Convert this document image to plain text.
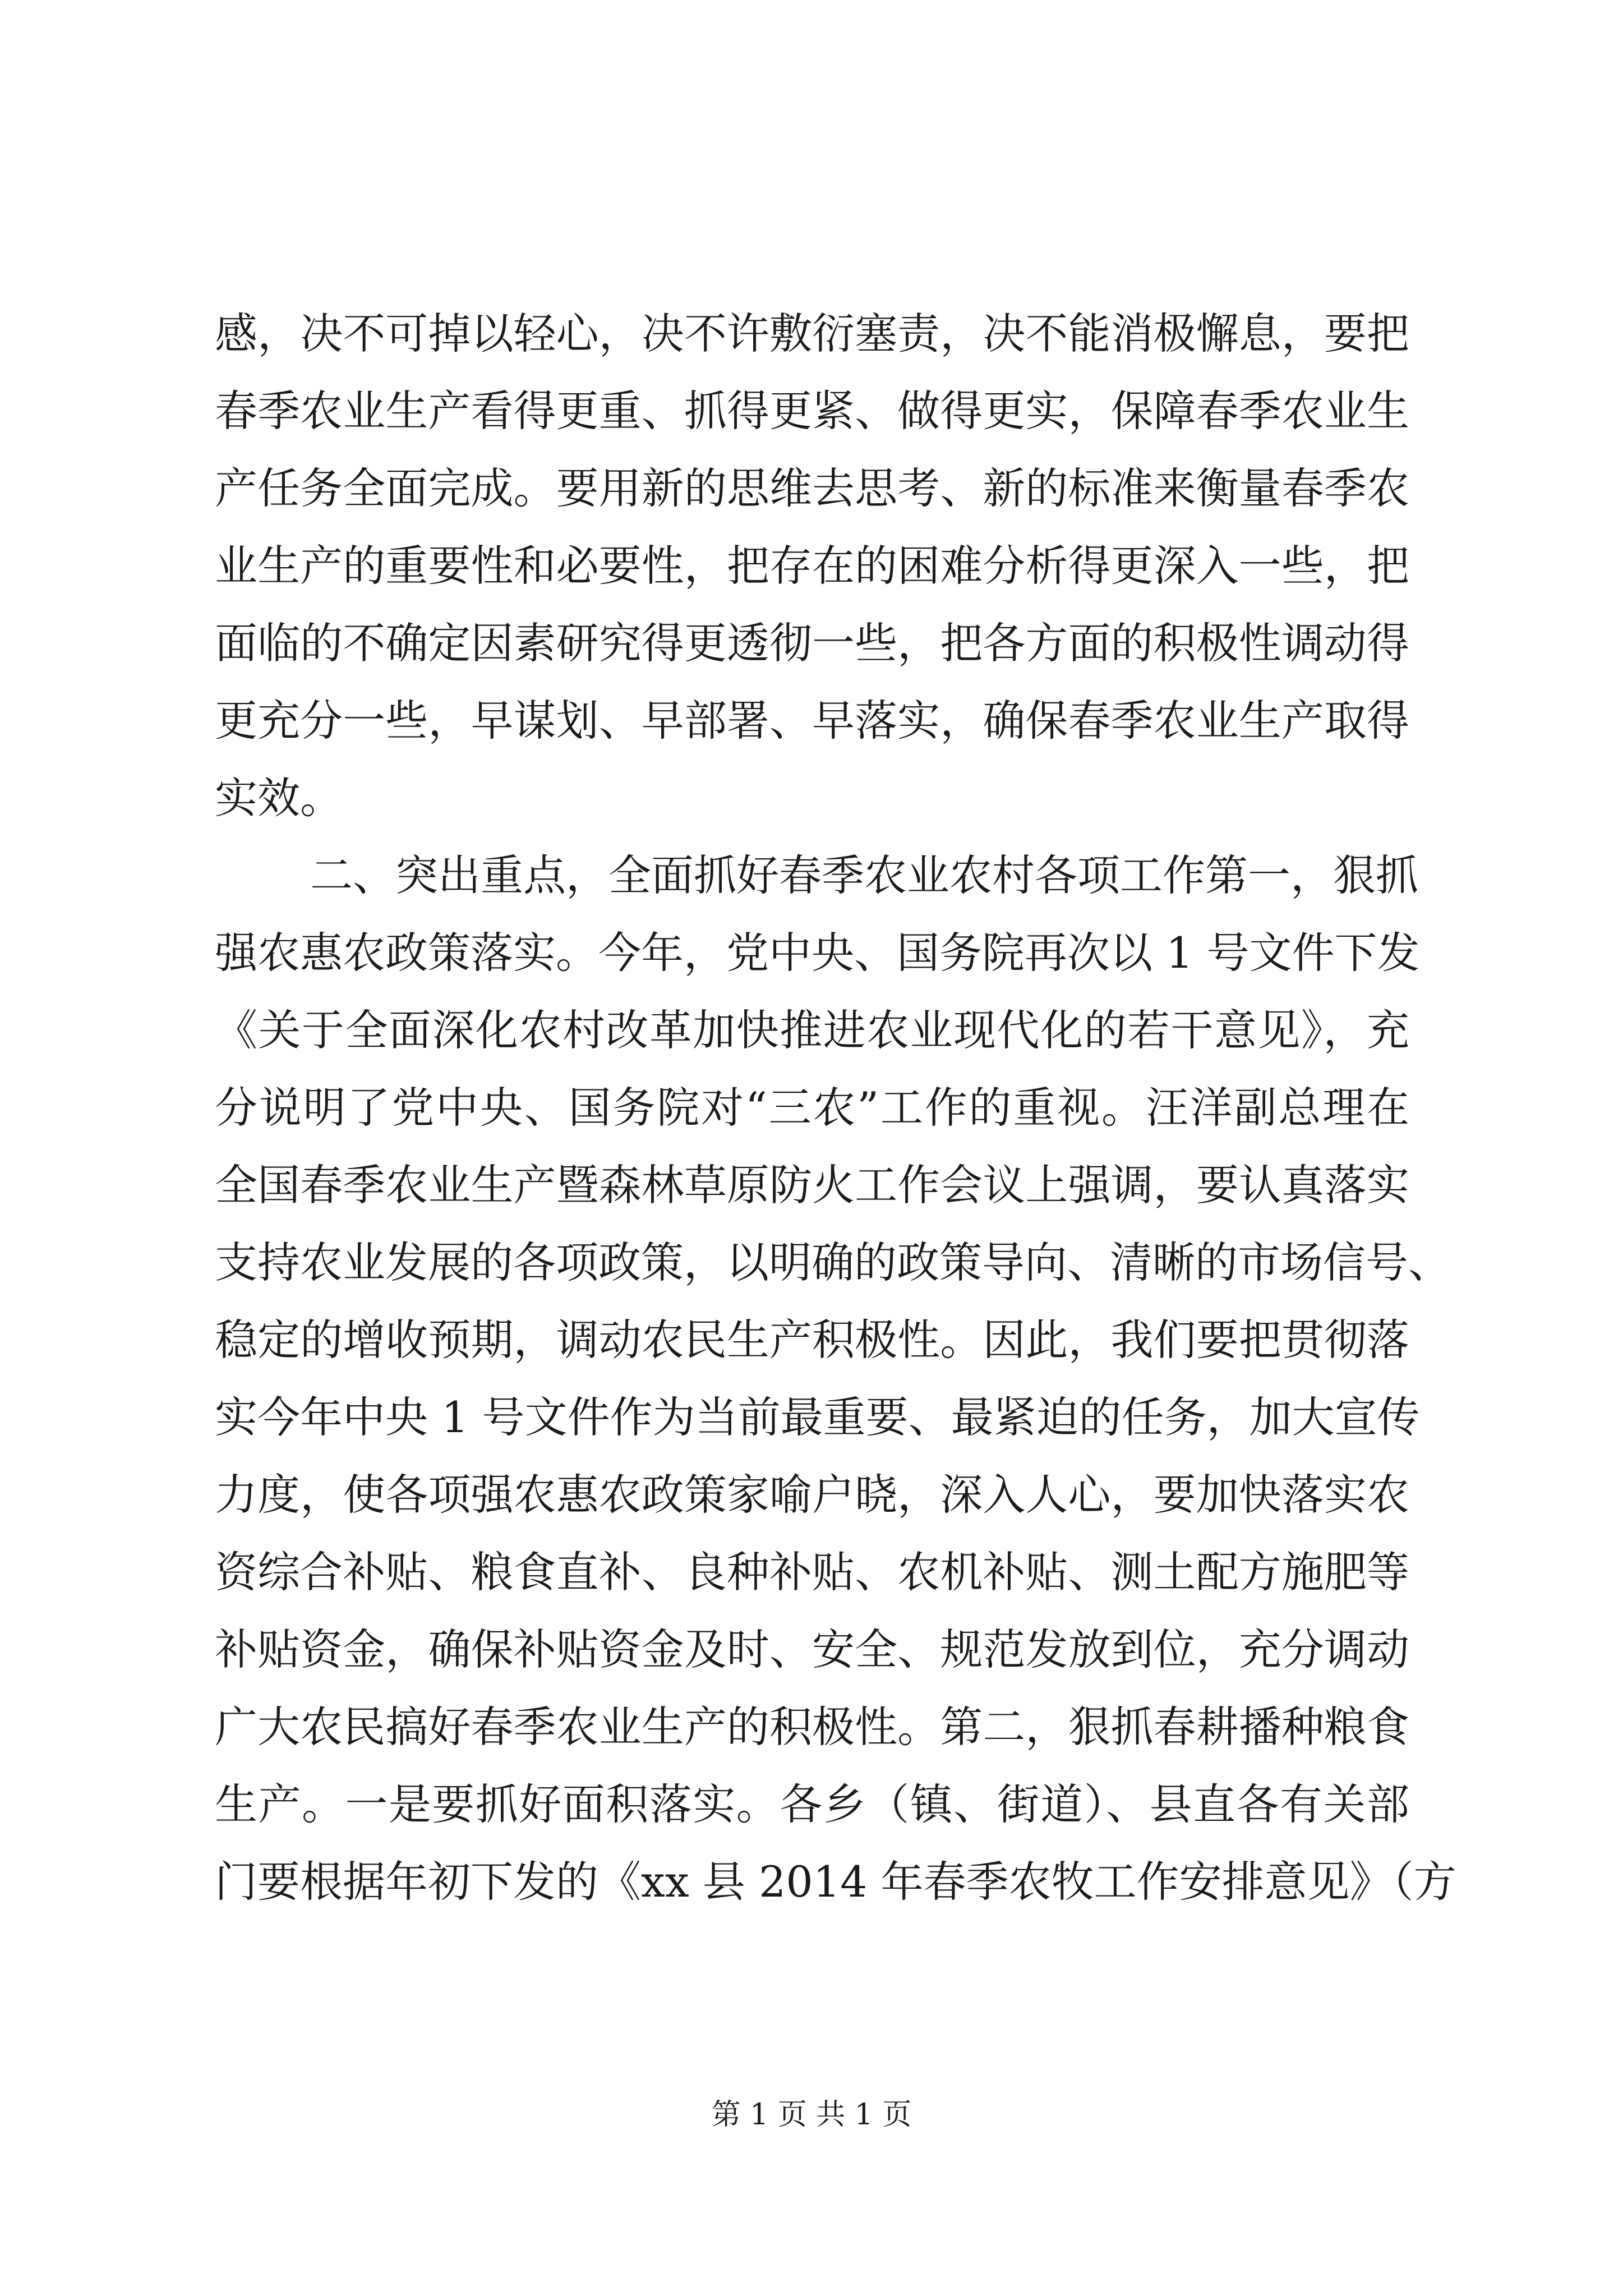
感，决不可掉以轻心，决不许敷衍塞责，决不能消极懈息，要把
春季农业生产看得更重、抓得更紧、做得更实，保障春季农业生
产任务全面完成。要用新的思维去思考、新的标准来衡量春季农
业生产的重要性和必要性，把存在的困难分析得更深入一些，把
面临的不确定因素研究得更透彻一些，把各方面的积极性调动得
更充分一些，早谋划、早部署、早落实，确保春季农业生产取得
实效。
二、突出重点，全面抓好春季农业农村各项工作第一，狠抓
强农惠农政策落实。今年，党中央、国务院再次以 1 号文件下发
《关于全面深化农村改革加快推进农业现代化的若干意见》，充
分说明了党中央、国务院对“三农”工作的重视。汪洋副总理在
全国春季农业生产暨森林草原防火工作会议上强调，要认真落实
支持农业发展的各项政策，以明确的政策导向、清晰的市场信号、
稳定的增收预期，调动农民生产积极性。因此，我们要把贯彻落
实今年中央 1 号文件作为当前最重要、最紧迫的任务，加大宣传
力度，使各项强农惠农政策家喻户晓，深入人心，要加快落实农
资综合补贴、粮食直补、良种补贴、农机补贴、测土配方施肥等
补贴资金，确保补贴资金及时、安全、规范发放到位，充分调动
广大农民搞好春季农业生产的积极性。第二，狠抓春耕播种粮食
生产。一是要抓好面积落实。各乡（镇、街道）、县直各有关部
门要根据年初下发的《xx 县 2014 年春季农牧工作安排意见》（方
第 1 页 共 1 页
